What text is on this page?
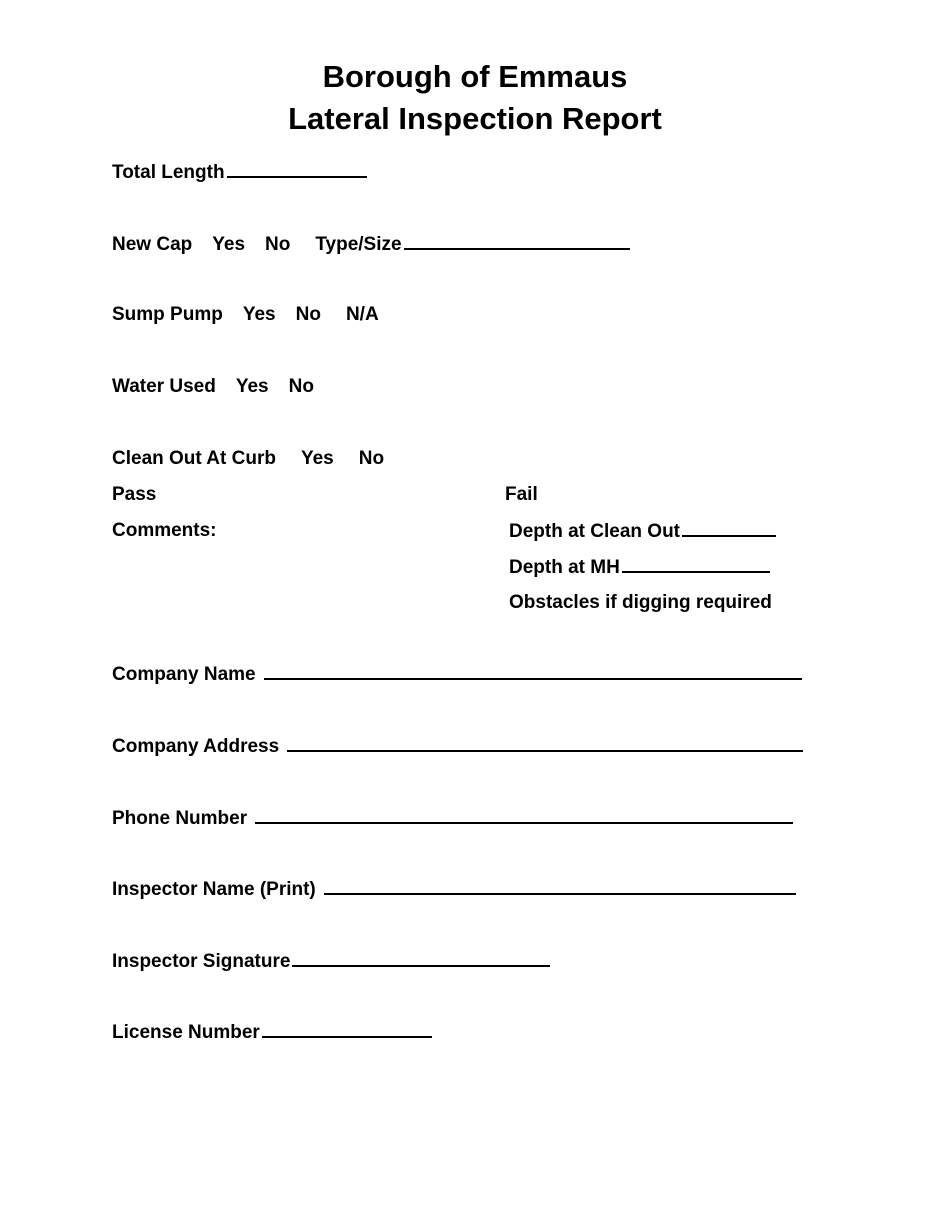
Borough of Emmaus
Lateral Inspection Report
Total Length
New Cap Yes No Type/Size
Sump Pump Yes No N/A
Water Used Yes No
Clean Out At Curb Yes No
Pass	Fail
Comments:	Depth at Clean Out
Depth at MH
Obstacles if digging required
Company Name
Company Address
Phone Number
Inspector Name (Print)
Inspector Signature
License Number
